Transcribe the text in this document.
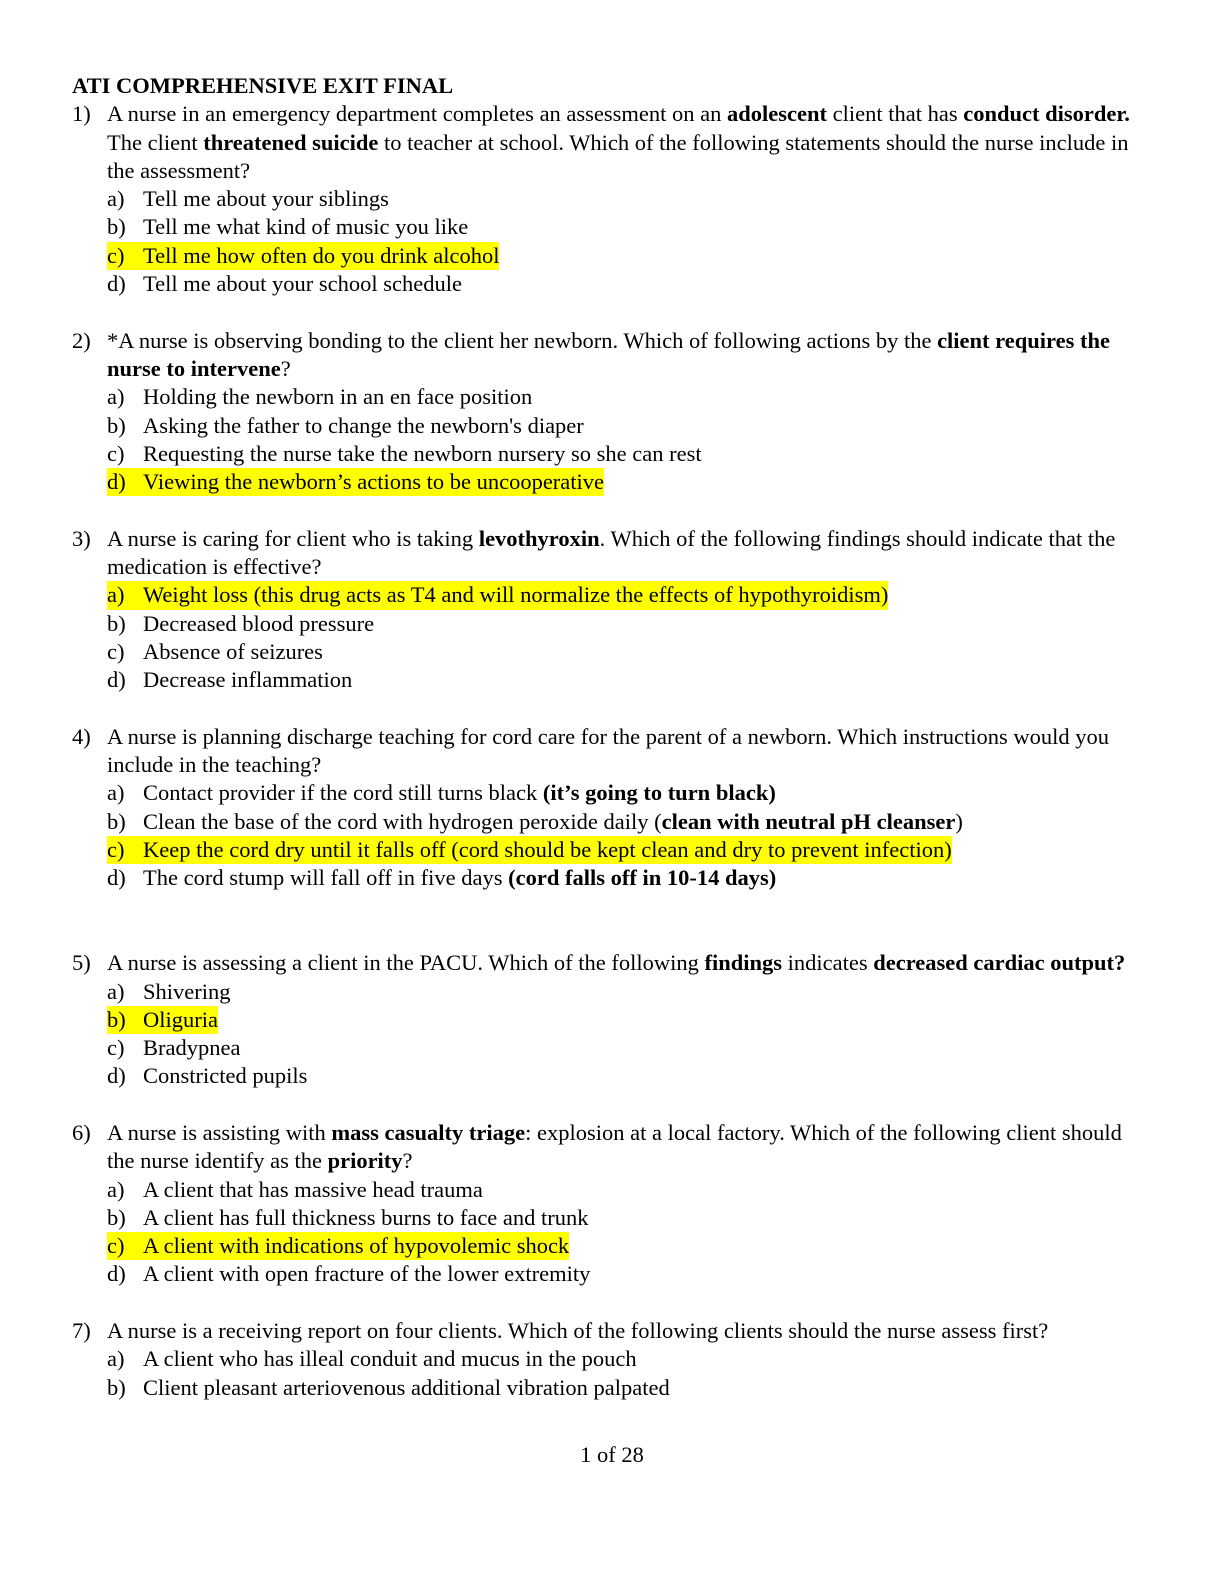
ATI COMPREHENSIVE EXIT FINAL
1) A nurse in an emergency department completes an assessment on an adolescent client that has conduct disorder. The client threatened suicide to teacher at school. Which of the following statements should the nurse include in the assessment?
a) Tell me about your siblings
b) Tell me what kind of music you like
c) Tell me how often do you drink alcohol
d) Tell me about your school schedule
2) *A nurse is observing bonding to the client her newborn. Which of following actions by the client requires the nurse to intervene?
a) Holding the newborn in an en face position
b) Asking the father to change the newborn's diaper
c) Requesting the nurse take the newborn nursery so she can rest
d) Viewing the newborn’s actions to be uncooperative
3) A nurse is caring for client who is taking levothyroxin. Which of the following findings should indicate that the medication is effective?
a) Weight loss (this drug acts as T4 and will normalize the effects of hypothyroidism)
b) Decreased blood pressure
c) Absence of seizures
d) Decrease inflammation
4) A nurse is planning discharge teaching for cord care for the parent of a newborn. Which instructions would you include in the teaching?
a) Contact provider if the cord still turns black (it’s going to turn black)
b) Clean the base of the cord with hydrogen peroxide daily (clean with neutral pH cleanser)
c) Keep the cord dry until it falls off (cord should be kept clean and dry to prevent infection)
d) The cord stump will fall off in five days (cord falls off in 10-14 days)
5) A nurse is assessing a client in the PACU. Which of the following findings indicates decreased cardiac output?
a) Shivering
b) Oliguria
c) Bradypnea
d) Constricted pupils
6) A nurse is assisting with mass casualty triage: explosion at a local factory. Which of the following client should the nurse identify as the priority?
a) A client that has massive head trauma
b) A client has full thickness burns to face and trunk
c) A client with indications of hypovolemic shock
d) A client with open fracture of the lower extremity
7) A nurse is a receiving report on four clients. Which of the following clients should the nurse assess first?
a) A client who has illeal conduit and mucus in the pouch
b) Client pleasant arteriovenous additional vibration palpated
1 of 28
